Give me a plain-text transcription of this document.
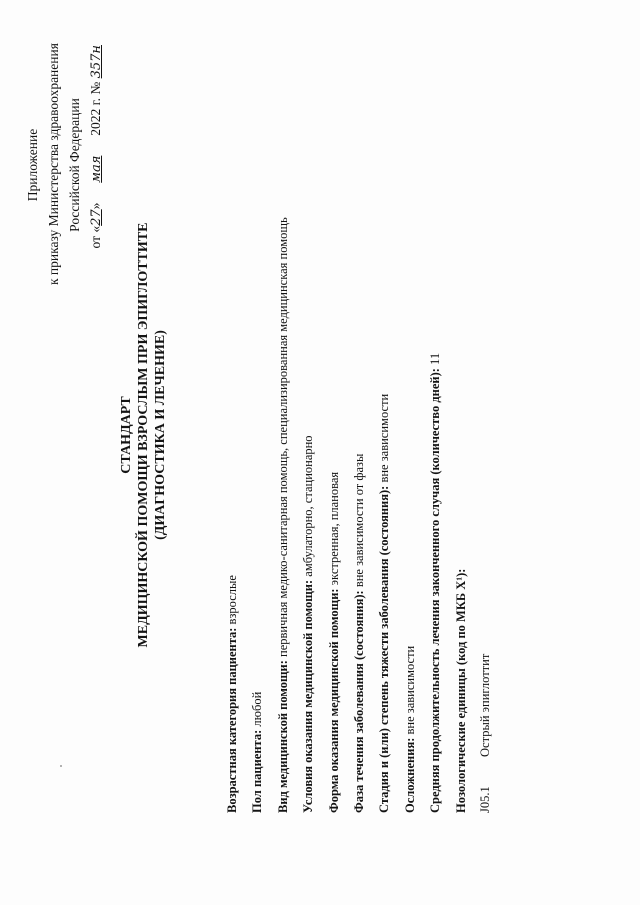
Приложение к приказу Министерства здравоохранения Российской Федерации
от «27» мая 2022 г. № 357н
СТАНДАРТ МЕДИЦИНСКОЙ ПОМОЩИ ВЗРОСЛЫМ ПРИ ЭПИГЛОТТИТЕ (ДИАГНОСТИКА И ЛЕЧЕНИЕ)
Возрастная категория пациента: взрослые
Пол пациента: любой Вид медицинской помощи: первичная медико-санитарная помощь, специализированная медицинская помощь
Условия оказания медицинской помощи: амбулаторно, стационарно
Форма оказания медицинской помощи: экстренная, плановая
Фаза течения заболевания (состояния): вне зависимости от фазы Стадия и (или) степень тяжести заболевания (состояния): вне зависимости
Осложнения: вне зависимости Средняя продолжительность лечения законченного случая (количество дней): 11
Нозологические единицы (код по МКБ X¹): J05.1Острый эпиглоттит
